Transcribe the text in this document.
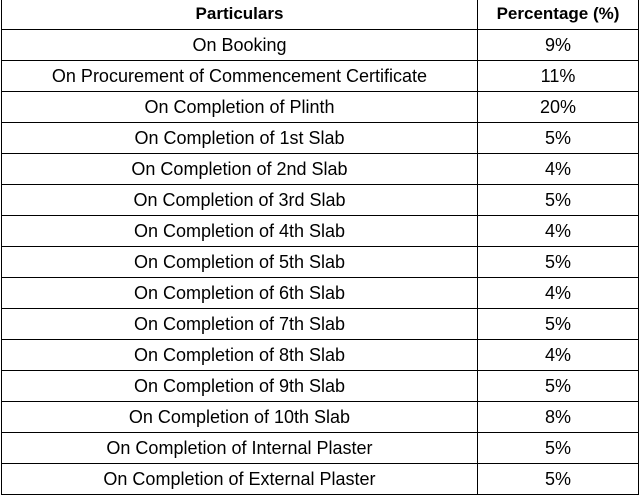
Particulars	Percentage (%)
On Booking	9%
On Procurement of Commencement Certificate	11%
On Completion of Plinth	20%
On Completion of 1st Slab	5%
On Completion of 2nd Slab	4%
On Completion of 3rd Slab	5%
On Completion of 4th Slab	4%
On Completion of 5th Slab	5%
On Completion of 6th Slab	4%
On Completion of 7th Slab	5%
On Completion of 8th Slab	4%
On Completion of 9th Slab	5%
On Completion of 10th Slab	8%
On Completion of Internal Plaster	5%
On Completion of External Plaster	5%
